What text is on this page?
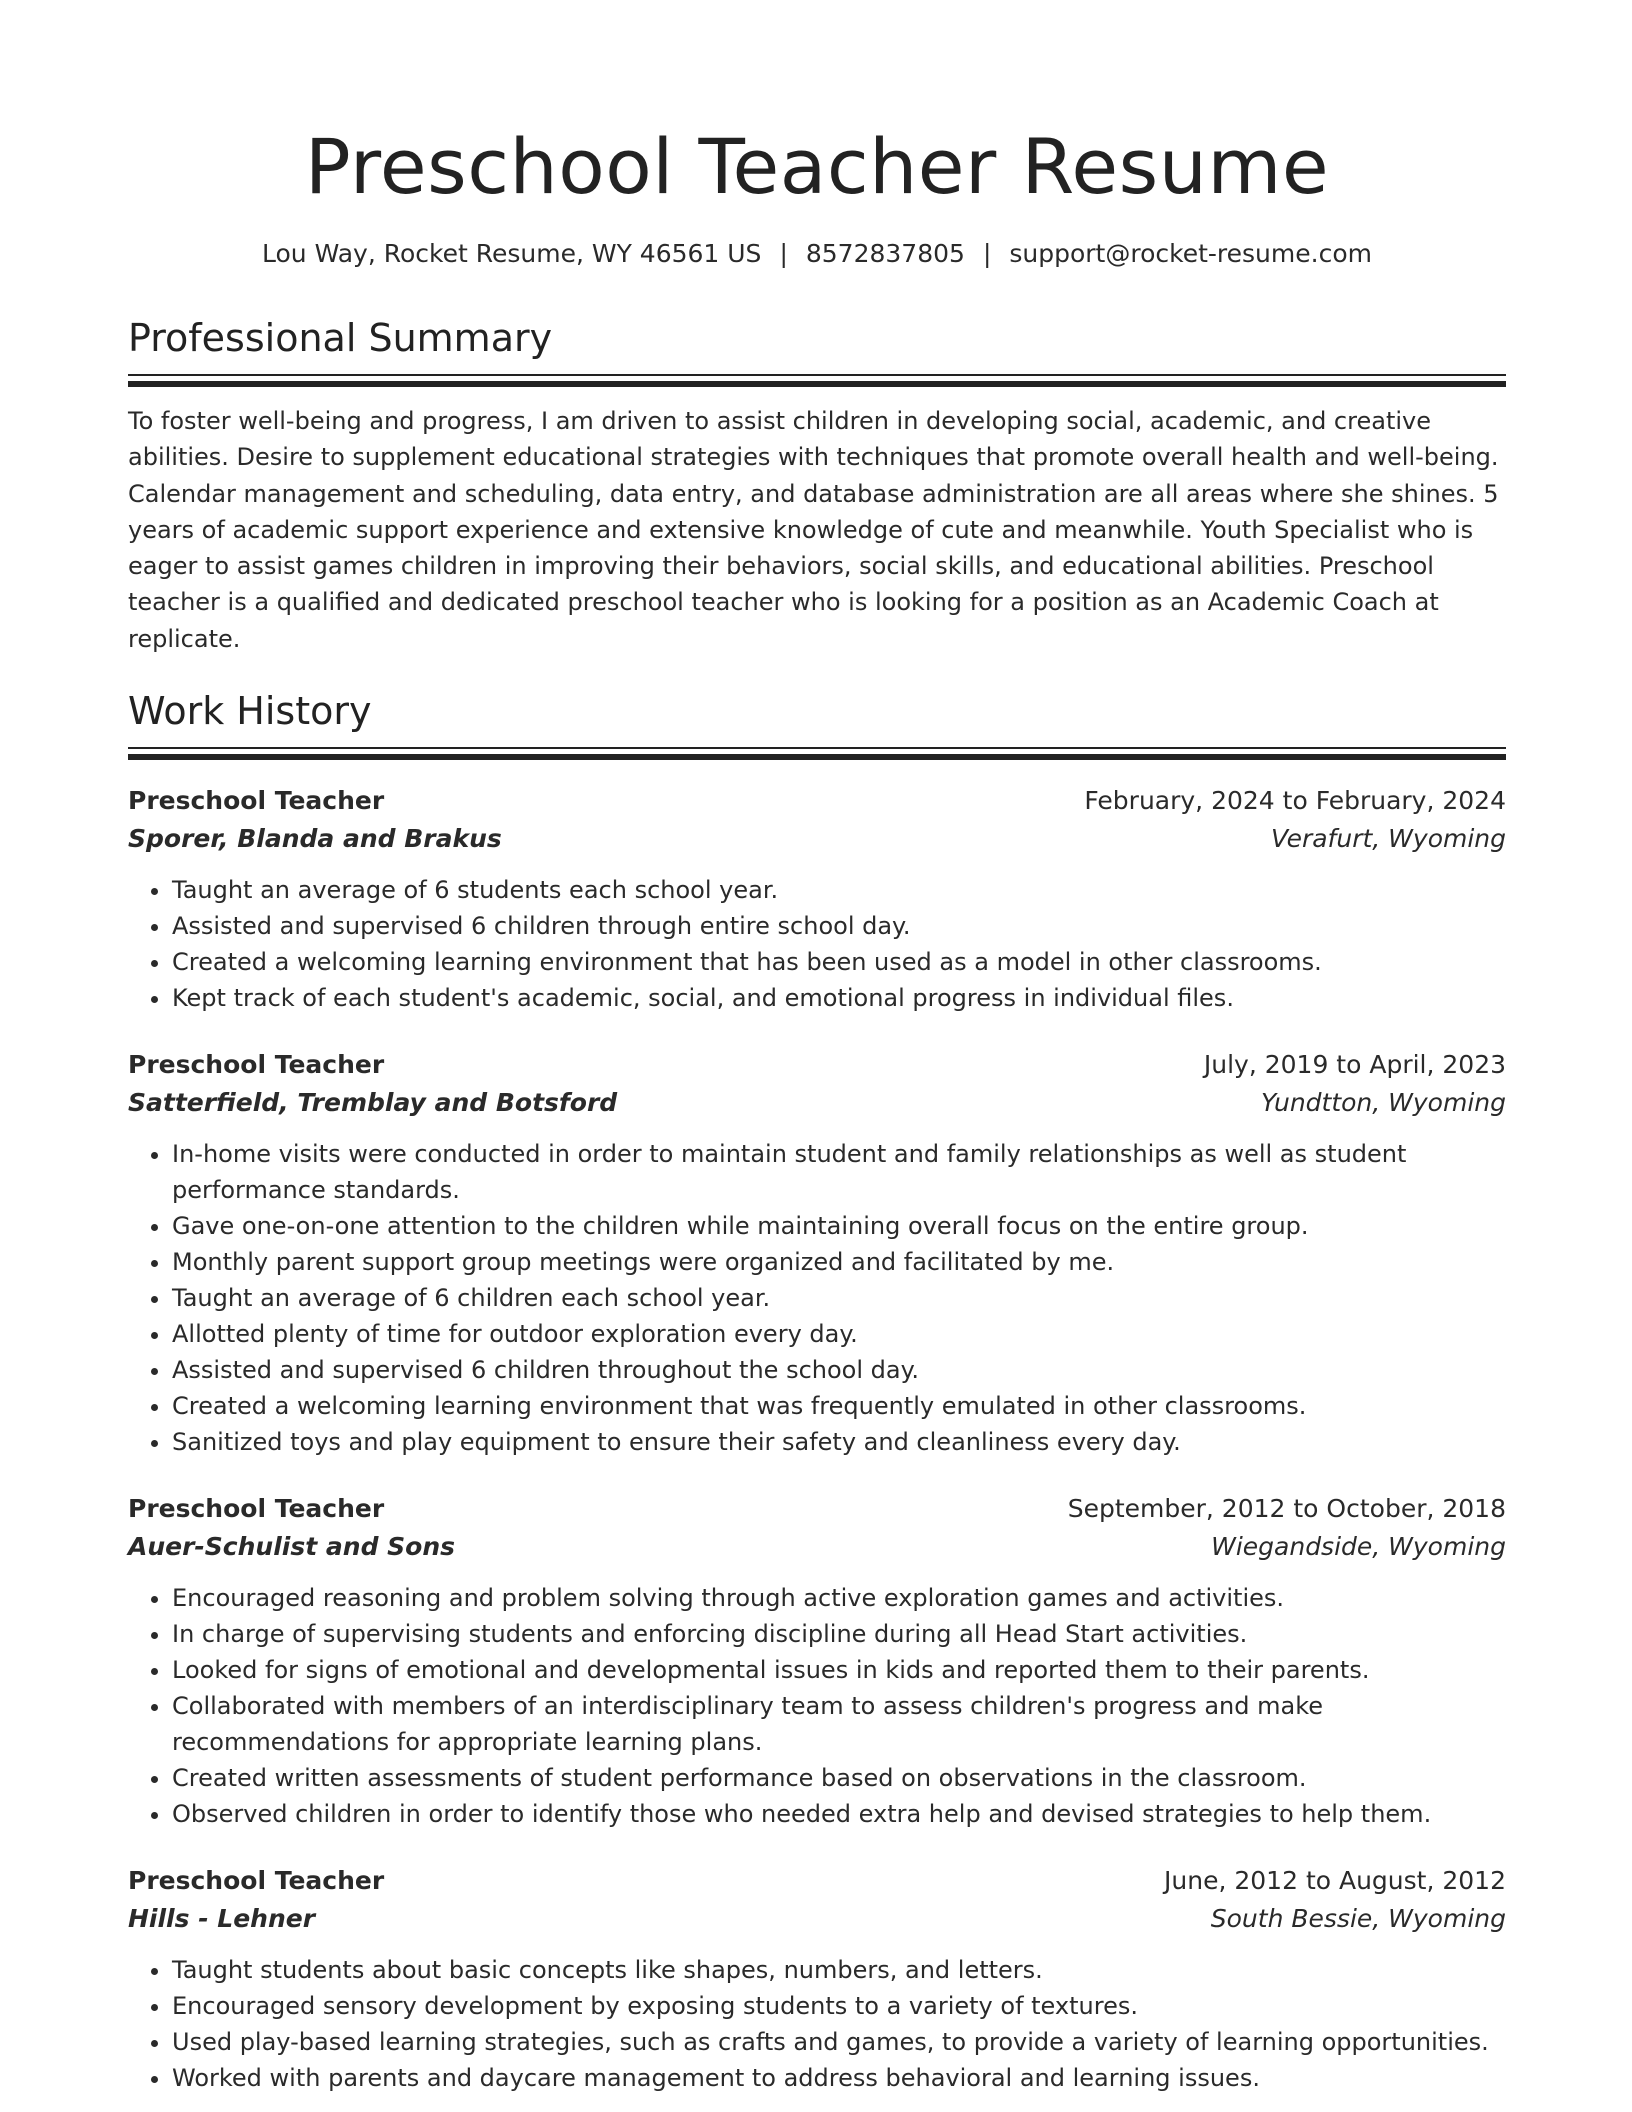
Preschool Teacher Resume
Lou Way, Rocket Resume, WY 46561 US | 8572837805 | support@rocket-resume.com
Professional Summary

To foster well-being and progress, I am driven to assist children in developing social, academic, and creative abilities. Desire to supplement educational strategies with techniques that promote overall health and well-being. Calendar management and scheduling, data entry, and database administration are all areas where she shines. 5 years of academic support experience and extensive knowledge of cute and meanwhile. Youth Specialist who is eager to assist games children in improving their behaviors, social skills, and educational abilities. Preschool teacher is a qualified and dedicated preschool teacher who is looking for a position as an Academic Coach at replicate.

Work History
Preschool Teacher	February, 2024 to February, 2024
Sporer, Blanda and Brakus	Verafurt, Wyoming
• Taught an average of 6 students each school year.
• Assisted and supervised 6 children through entire school day.
• Created a welcoming learning environment that has been used as a model in other classrooms.
• Kept track of each student's academic, social, and emotional progress in individual files.
Preschool Teacher	July, 2019 to April, 2023
Satterfield, Tremblay and Botsford	Yundtton, Wyoming
• In-home visits were conducted in order to maintain student and family relationships as well as student performance standards.
• Gave one-on-one attention to the children while maintaining overall focus on the entire group.
• Monthly parent support group meetings were organized and facilitated by me.
• Taught an average of 6 children each school year.
• Allotted plenty of time for outdoor exploration every day.
• Assisted and supervised 6 children throughout the school day.
• Created a welcoming learning environment that was frequently emulated in other classrooms.
• Sanitized toys and play equipment to ensure their safety and cleanliness every day.
Preschool Teacher	September, 2012 to October, 2018
Auer-Schulist and Sons	Wiegandside, Wyoming
• Encouraged reasoning and problem solving through active exploration games and activities.
• In charge of supervising students and enforcing discipline during all Head Start activities.
• Looked for signs of emotional and developmental issues in kids and reported them to their parents.
• Collaborated with members of an interdisciplinary team to assess children's progress and make recommendations for appropriate learning plans.
• Created written assessments of student performance based on observations in the classroom.
• Observed children in order to identify those who needed extra help and devised strategies to help them.
Preschool Teacher	June, 2012 to August, 2012
Hills - Lehner	South Bessie, Wyoming
• Taught students about basic concepts like shapes, numbers, and letters.
• Encouraged sensory development by exposing students to a variety of textures.
• Used play-based learning strategies, such as crafts and games, to provide a variety of learning opportunities.
• Worked with parents and daycare management to address behavioral and learning issues.
